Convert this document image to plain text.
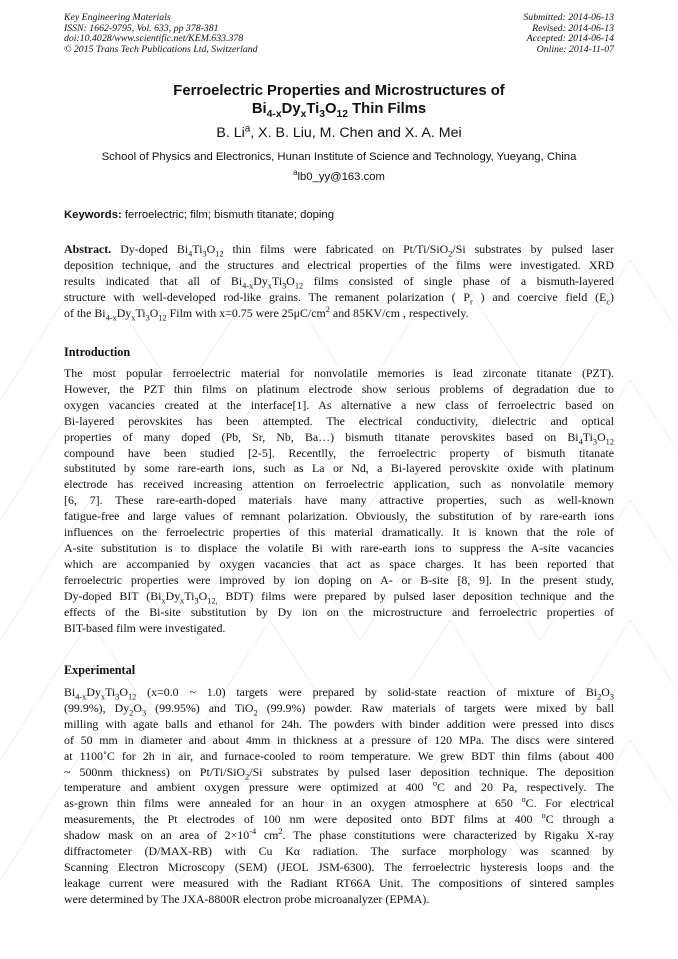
Key Engineering Materials
ISSN: 1662-9795, Vol. 633, pp 378-381
doi:10.4028/www.scientific.net/KEM.633.378
© 2015 Trans Tech Publications Ltd, Switzerland
Submitted: 2014-06-13
Revised: 2014-06-13
Accepted: 2014-06-14
Online: 2014-11-07
Ferroelectric Properties and Microstructures of
$Bi_{4-x}Dy_xTi_3O_{12}$ Thin Films
B. Li$^a$, X. B. Liu, M. Chen and X. A. Mei
School of Physics and Electronics, Hunan Institute of Science and Technology, Yueyang, China
$^a$lb0_yy@163.com
Keywords: ferroelectric; film; bismuth titanate; doping
Abstract. Dy-doped $Bi_4Ti_3O_{12}$ thin films were fabricated on Pt/Ti/SiO$_2$/Si substrates by pulsed laser
deposition technique, and the structures and electrical properties of the films were investigated. XRD
results indicated that all of $Bi_{4-x}Dy_xTi_3O_{12}$ films consisted of single phase of a bismuth-layered
structure with well-developed rod-like grains. The remanent polarization ( $P_r$ ) and coercive field $(E_c)$
of the $Bi_{4-x}Dy_xTi_3O_{12}$ Film with x=0.75 were $25\mu C/cm^2$ and 85KV/cm , respectively.
Introduction
The most popular ferroelectric material for nonvolatile memories is lead zirconate titanate (PZT).
However, the PZT thin films on platinum electrode show serious problems of degradation due to
oxygen vacancies created at the interface[1]. As alternative a new class of ferroelectric based on
Bi-layered perovskites has been attempted. The electrical conductivity, dielectric and optical
properties of many doped (Pb, Sr, Nb, Ba…) bismuth titanate perovskites based on $Bi_4Ti_3O_{12}$
compound have been studied [2-5]. Recentlly, the ferroelectric property of bismuth titanate
substituted by some rare-earth ions, such as La or Nd, a Bi-layered perovskite oxide with platinum
electrode has received increasing attention on ferroelectric application, such as nonvolatile memory
[6, 7]. These rare-earth-doped materials have many attractive properties, such as well-known
fatigue-free and large values of remnant polarization. Obviously, the substitution of by rare-earth ions
influences on the ferroelectric properties of this material dramatically. It is known that the role of
A-site substitution is to displace the volatile Bi with rare-earth ions to suppress the A-site vacancies
which are accompanied by oxygen vacancies that act as space charges. It has been reported that
ferroelectric properties were improved by ion doping on A- or B-site [8, 9]. In the present study,
Dy-doped BIT ($Bi_xDy_xTi_3O_{12,}$ BDT) films were prepared by pulsed laser deposition technique and the
effects of the Bi-site substitution by Dy ion on the microstructure and ferroelectric properties of
BIT-based film were investigated.
Experimental
$Bi_{4-x}Dy_xTi_3O_{12}$ (x=0.0 ~ 1.0) targets were prepared by solid-state reaction of mixture of $Bi_2O_3$
(99.9%), $Dy_2O_3$ (99.95%) and TiO$_2$ (99.9%) powder. Raw materials of targets were mixed by ball
milling with agate balls and ethanol for 24h. The powders with binder addition were pressed into discs
of 50 mm in diameter and about 4mm in thickness at a pressure of 120 MPa. The discs were sintered
at 1100˚C for 2h in air, and furnace-cooled to room temperature. We grew BDT thin films (about 400
~ 500nm thickness) on Pt/Ti/SiO$_2$/Si substrates by pulsed laser deposition technique. The deposition
temperature and ambient oxygen pressure were optimized at 400 $^o$C and 20 Pa, respectively. The
as-grown thin films were annealed for an hour in an oxygen atmosphere at 650 $^o$C. For electrical
measurements, the Pt electrodes of 100 nm were deposited onto BDT films at 400 $^o$C through a
shadow mask on an area of $2\times 10^{-4}$ $cm^2$. The phase constitutions were characterized by Rigaku X-ray
diffractometer (D/MAX-RB) with Cu Kα radiation. The surface morphology was scanned by
Scanning Electron Microscopy (SEM) (JEOL JSM-6300). The ferroelectric hysteresis loops and the
leakage current were measured with the Radiant RT66A Unit. The compositions of sintered samples
were determined by The JXA-8800R electron probe microanalyzer (EPMA).
